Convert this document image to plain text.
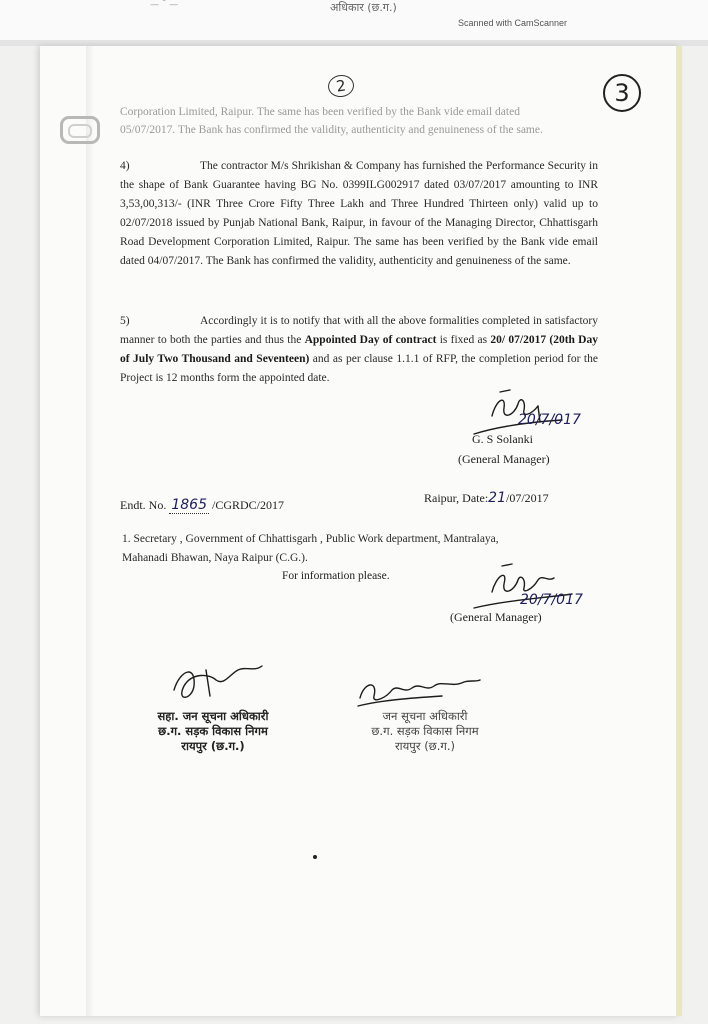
— ˘ —	अधिकार (छ.ग.)
Scanned with CamScanner
2	3
Corporation Limited, Raipur. The same has been verified by the Bank vide email dated
05/07/2017. The Bank has confirmed the validity, authenticity and genuineness of the same.
4)	The contractor M/s Shrikishan & Company has furnished the Performance Security in the shape of Bank Guarantee having BG No. 0399ILG002917 dated 03/07/2017 amounting to INR 3,53,00,313/- (INR Three Crore Fifty Three Lakh and Three Hundred Thirteen only) valid up to 02/07/2018 issued by Punjab National Bank, Raipur, in favour of the Managing Director, Chhattisgarh Road Development Corporation Limited, Raipur. The same has been verified by the Bank vide email dated 04/07/2017. The Bank has confirmed the validity, authenticity and genuineness of the same.
5)	Accordingly it is to notify that with all the above formalities completed in satisfactory manner to both the parties and thus the Appointed Day of contract is fixed as 20/ 07/2017 (20th Day of July Two Thousand and Seventeen) and as per clause 1.1.1 of RFP, the completion period for the Project is 12 months form the appointed date.
20/7/017
G. S Solanki
(General Manager)
Endt. No. 1865 /CGRDC/2017	Raipur, Date:21/07/2017
1. Secretary , Government of Chhattisgarh , Public Work department, Mantralaya,
Mahanadi Bhawan, Naya Raipur (C.G.).
For information please.
20/7/017
(General Manager)
सहा. जन सूचना अधिकारी
छ.ग. सड़क विकास निगम
रायपुर (छ.ग.)
जन सूचना अधिकारी
छ.ग. सड़क विकास निगम
रायपुर (छ.ग.)
